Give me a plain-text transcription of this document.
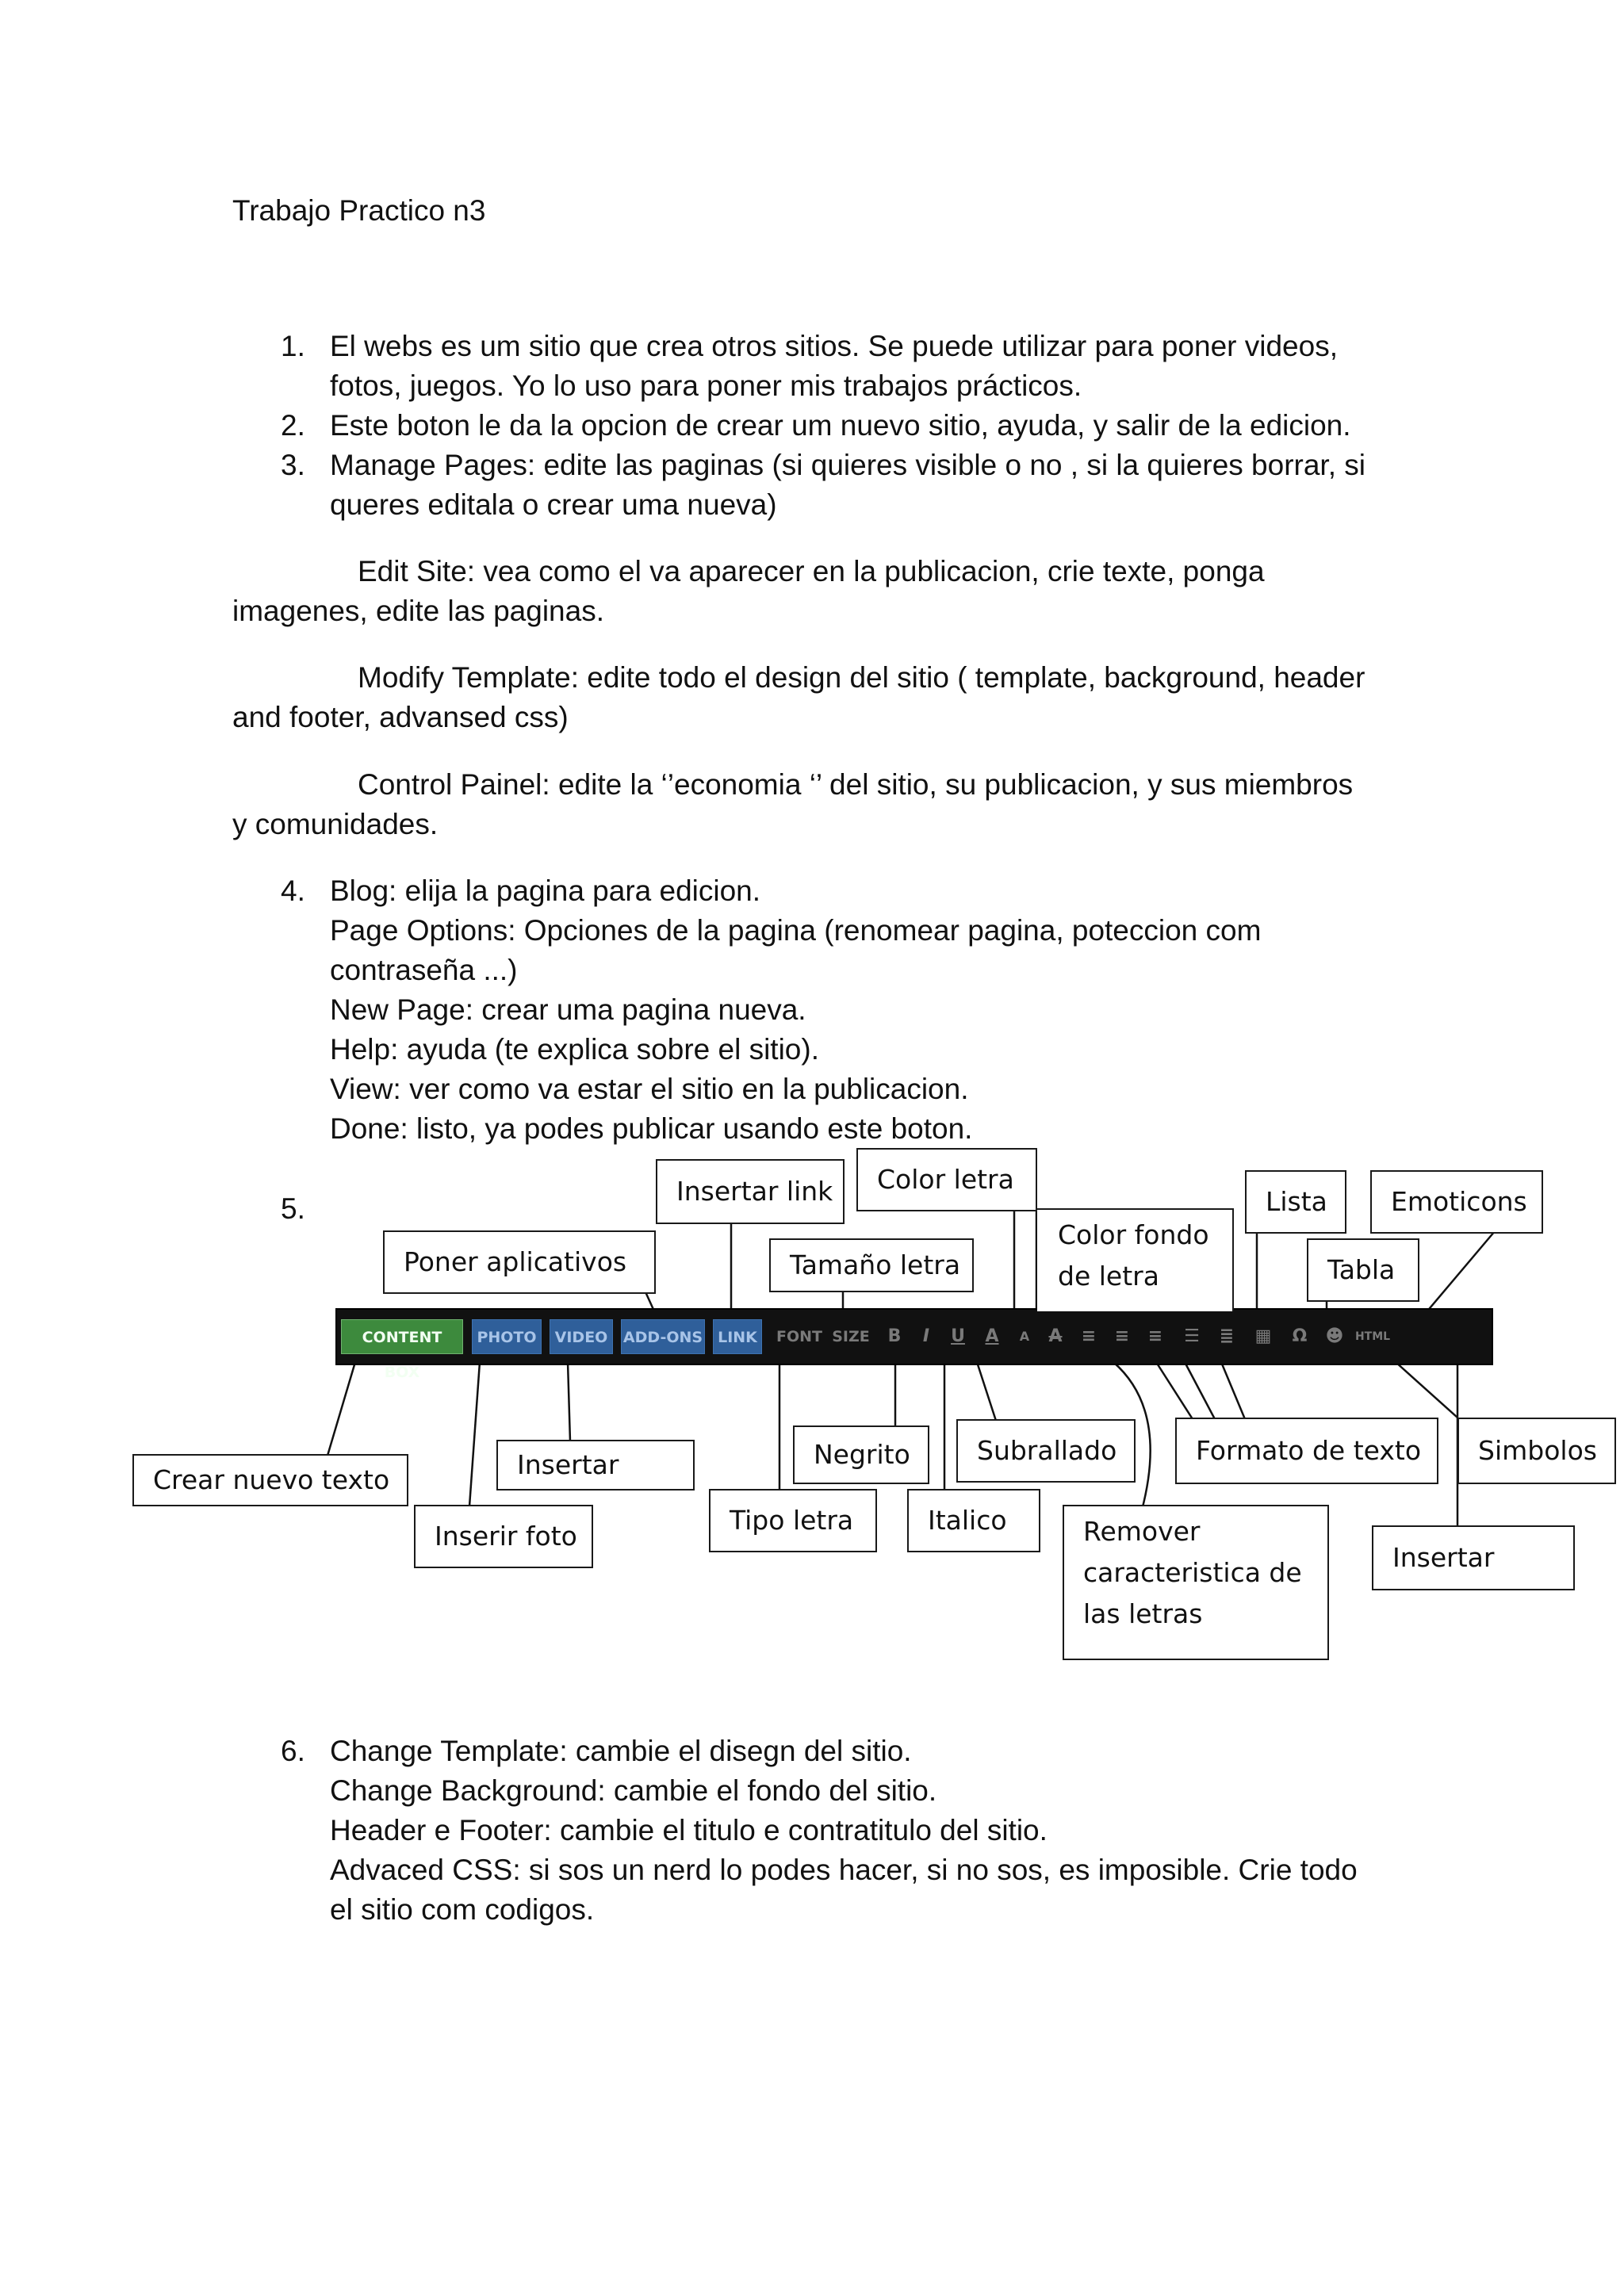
Trabajo Practico n3
1. El webs es um sitio que crea otros sitios. Se puede utilizar para poner videos,
fotos, juegos. Yo lo uso para poner mis trabajos prácticos.
2. Este boton le da la opcion de crear um nuevo sitio, ayuda, y salir de la edicion.
3. Manage Pages: edite las paginas (si quieres visible o no , si la quieres borrar, si
queres editala o crear uma nueva)
Edit Site: vea como el va aparecer en la publicacion, crie texte, ponga
imagenes, edite las paginas.
Modify Template: edite todo el design del sitio ( template, background, header
and footer, advansed css)
Control Painel: edite la ‘’economia ‘’ del sitio, su publicacion, y sus miembros
y comunidades.
4. Blog: elija la pagina para edicion.
Page Options: Opciones de la pagina (renomear pagina, poteccion com
contraseña ...)
New Page: crear uma pagina nueva.
Help: ayuda (te explica sobre el sitio).
View: ver como va estar el sitio en la publicacion.
Done: listo, ya podes publicar usando este boton.
5.
CONTENT BOX
PHOTO	VIDEO	ADD-ONS LINK	FONT SIZE	B	I	U	A	A	A	≡	≡	≡	☰	≣	▦	Ω	☻	HTML
Insertar link	Color letra
Lista	Emoticons
Poner aplicativos	Tamaño letra
Color fondo
de letra	Tabla
Crear nuevo texto	Insertar
Inserir foto
Negrito
Tipo letra
Subrallado
Italico
Formato de texto	Simbolos
Remover
caracteristica de
las letras
Insertar
6. Change Template: cambie el disegn del sitio.
Change Background: cambie el fondo del sitio.
Header e Footer: cambie el titulo e contratitulo del sitio.
Advaced CSS: si sos un nerd lo podes hacer, si no sos, es imposible. Crie todo
el sitio com codigos.
